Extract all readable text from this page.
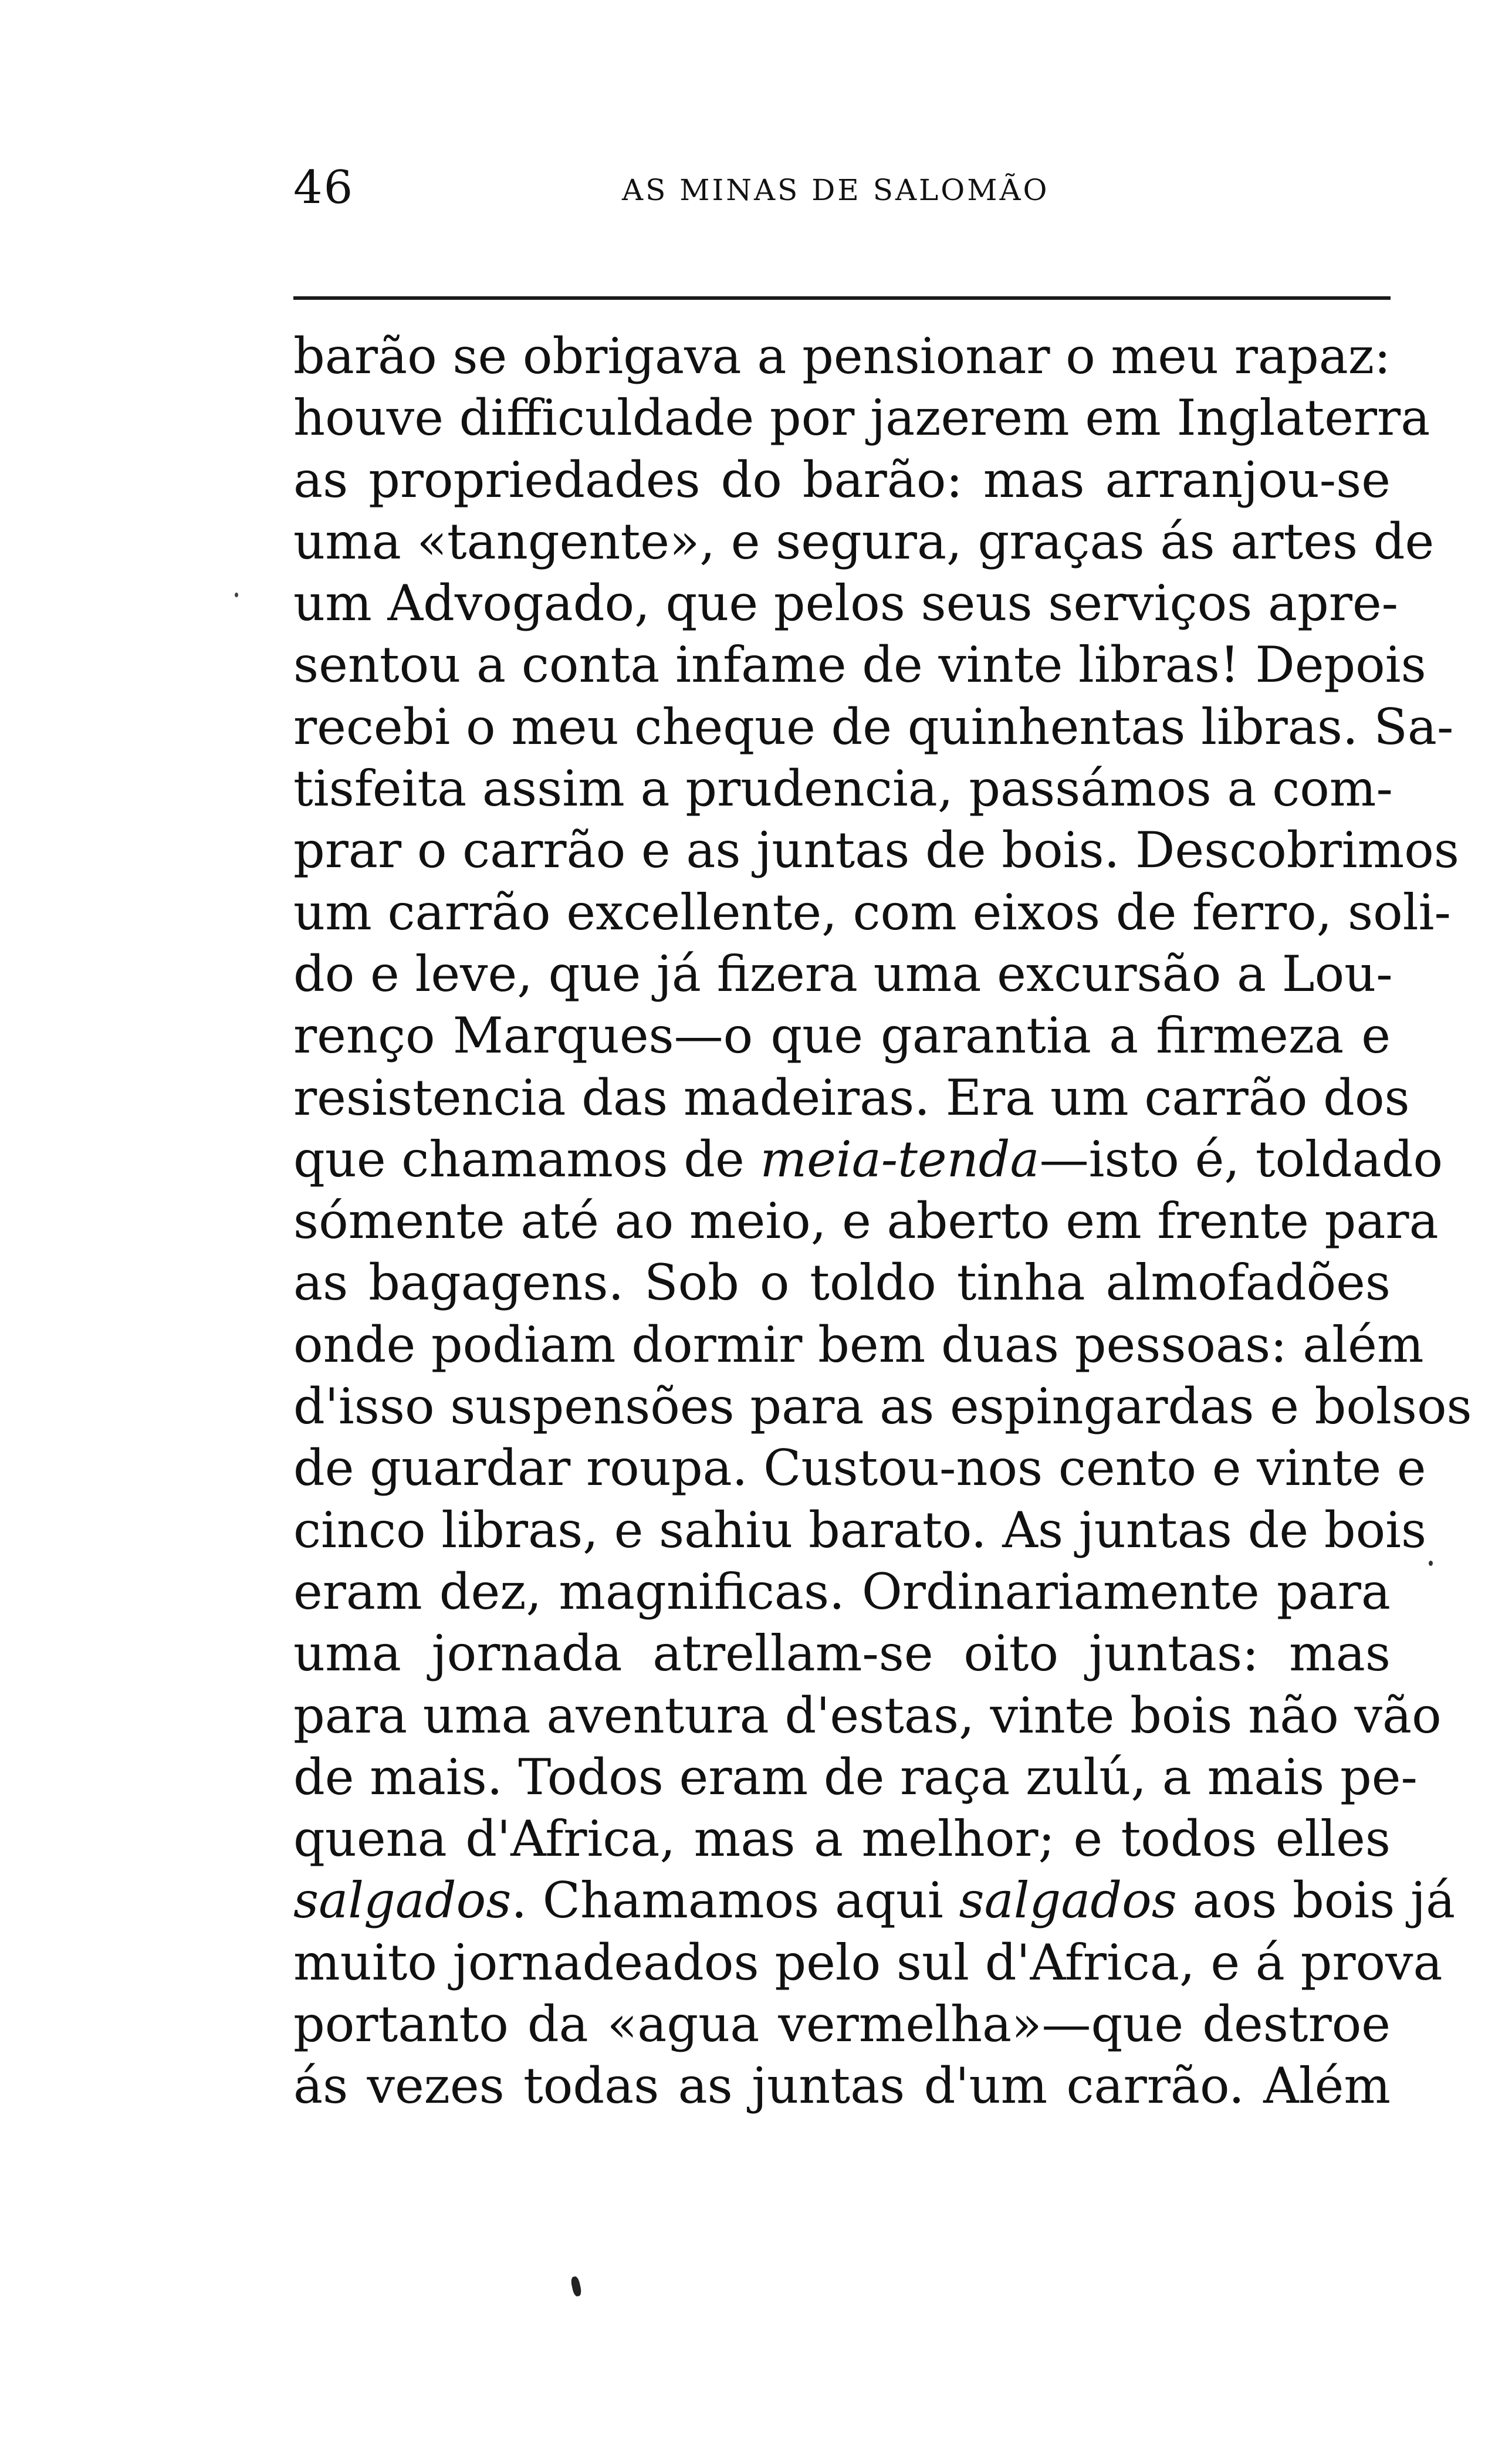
46	AS MINAS DE SALOMÃO
barão se obrigava a pensionar o meu rapaz:
houve difficuldade por jazerem em Inglaterra
as propriedades do barão: mas arranjou-se
uma «tangente», e segura, graças ás artes de
um Advogado, que pelos seus serviços apre-
sentou a conta infame de vinte libras! Depois
recebi o meu cheque de quinhentas libras. Sa-
tisfeita assim a prudencia, passámos a com-
prar o carrão e as juntas de bois. Descobrimos
um carrão excellente, com eixos de ferro, soli-
do e leve, que já fizera uma excursão a Lou-
renço Marques—o que garantia a firmeza e
resistencia das madeiras. Era um carrão dos
que chamamos de meia-tenda—isto é, toldado
sómente até ao meio, e aberto em frente para
as bagagens. Sob o toldo tinha almofadões
onde podiam dormir bem duas pessoas: além
d'isso suspensões para as espingardas e bolsos
de guardar roupa. Custou-nos cento e vinte e
cinco libras, e sahiu barato. As juntas de bois
eram dez, magnificas. Ordinariamente para
uma jornada atrellam-se oito juntas: mas
para uma aventura d'estas, vinte bois não vão
de mais. Todos eram de raça zulú, a mais pe-
quena d'Africa, mas a melhor; e todos elles
salgados. Chamamos aqui salgados aos bois já
muito jornadeados pelo sul d'Africa, e á prova
portanto da «agua vermelha»—que destroe
ás vezes todas as juntas d'um carrão. Além
